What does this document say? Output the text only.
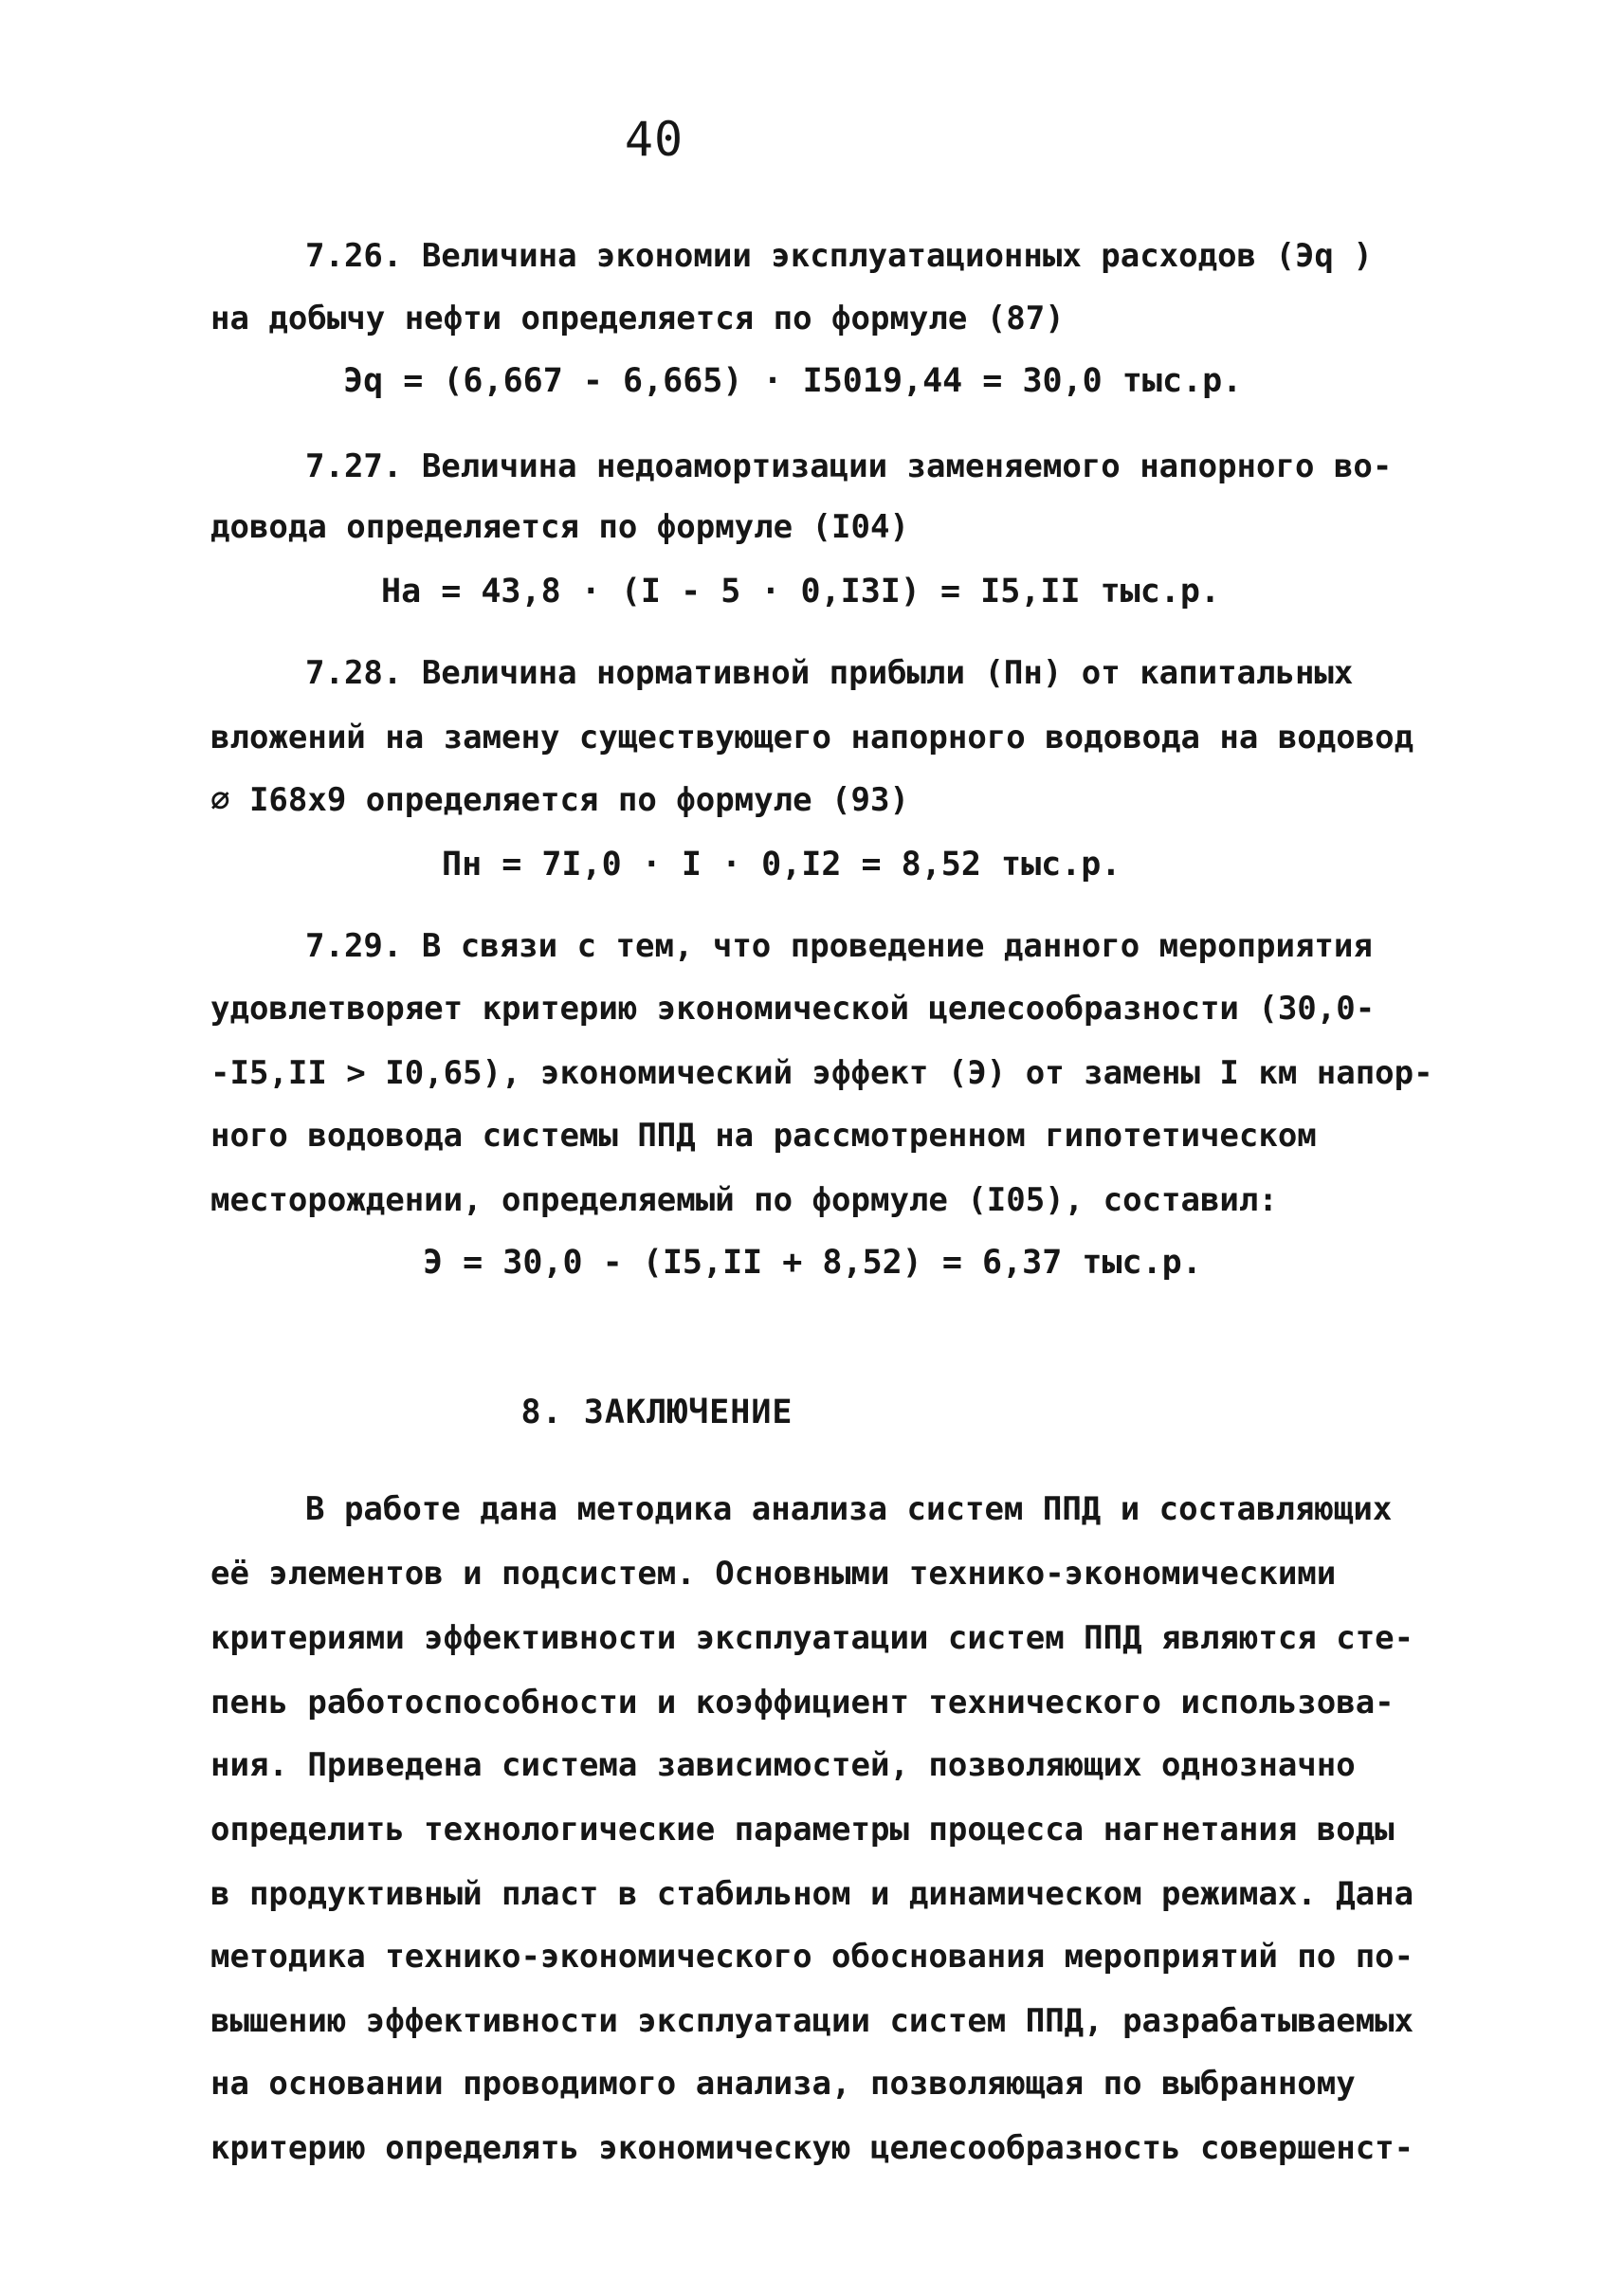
40
7.26. Величина экономии эксплуатационных расходов (Эq )
на добычу нефти определяется по формуле (87)
Эq = (6,667 - 6,665) · I5019,44 = 30,0 тыс.р.
7.27. Величина недоамортизации заменяемого напорного во-
довода определяется по формуле (I04)
Нa = 43,8 · (I - 5 · 0,I3I) = I5,II тыс.р.
7.28. Величина нормативной прибыли (Пн) от капитальных
вложений на замену существующего напорного водовода на водовод
⌀ I68x9 определяется по формуле (93)
Пн = 7I,0 · I · 0,I2 = 8,52 тыс.р.
7.29. В связи с тем, что проведение данного мероприятия
удовлетворяет критерию экономической целесообразности (30,0-
-I5,II > I0,65), экономический эффект (Э) от замены I км напор-
ного водовода системы ППД на рассмотренном гипотетическом
месторождении, определяемый по формуле (I05), составил:
Э = 30,0 - (I5,II + 8,52) = 6,37 тыс.р.
8. ЗАКЛЮЧЕНИЕ
В работе дана методика анализа систем ППД и составляющих
её элементов и подсистем. Основными технико-экономическими
критериями эффективности эксплуатации систем ППД являются сте-
пень работоспособности и коэффициент технического использова-
ния. Приведена система зависимостей, позволяющих однозначно
определить технологические параметры процесса нагнетания воды
в продуктивный пласт в стабильном и динамическом режимах. Дана
методика технико-экономического обоснования мероприятий по по-
вышению эффективности эксплуатации систем ППД, разрабатываемых
на основании проводимого анализа, позволяющая по выбранному
критерию определять экономическую целесообразность совершенст-
